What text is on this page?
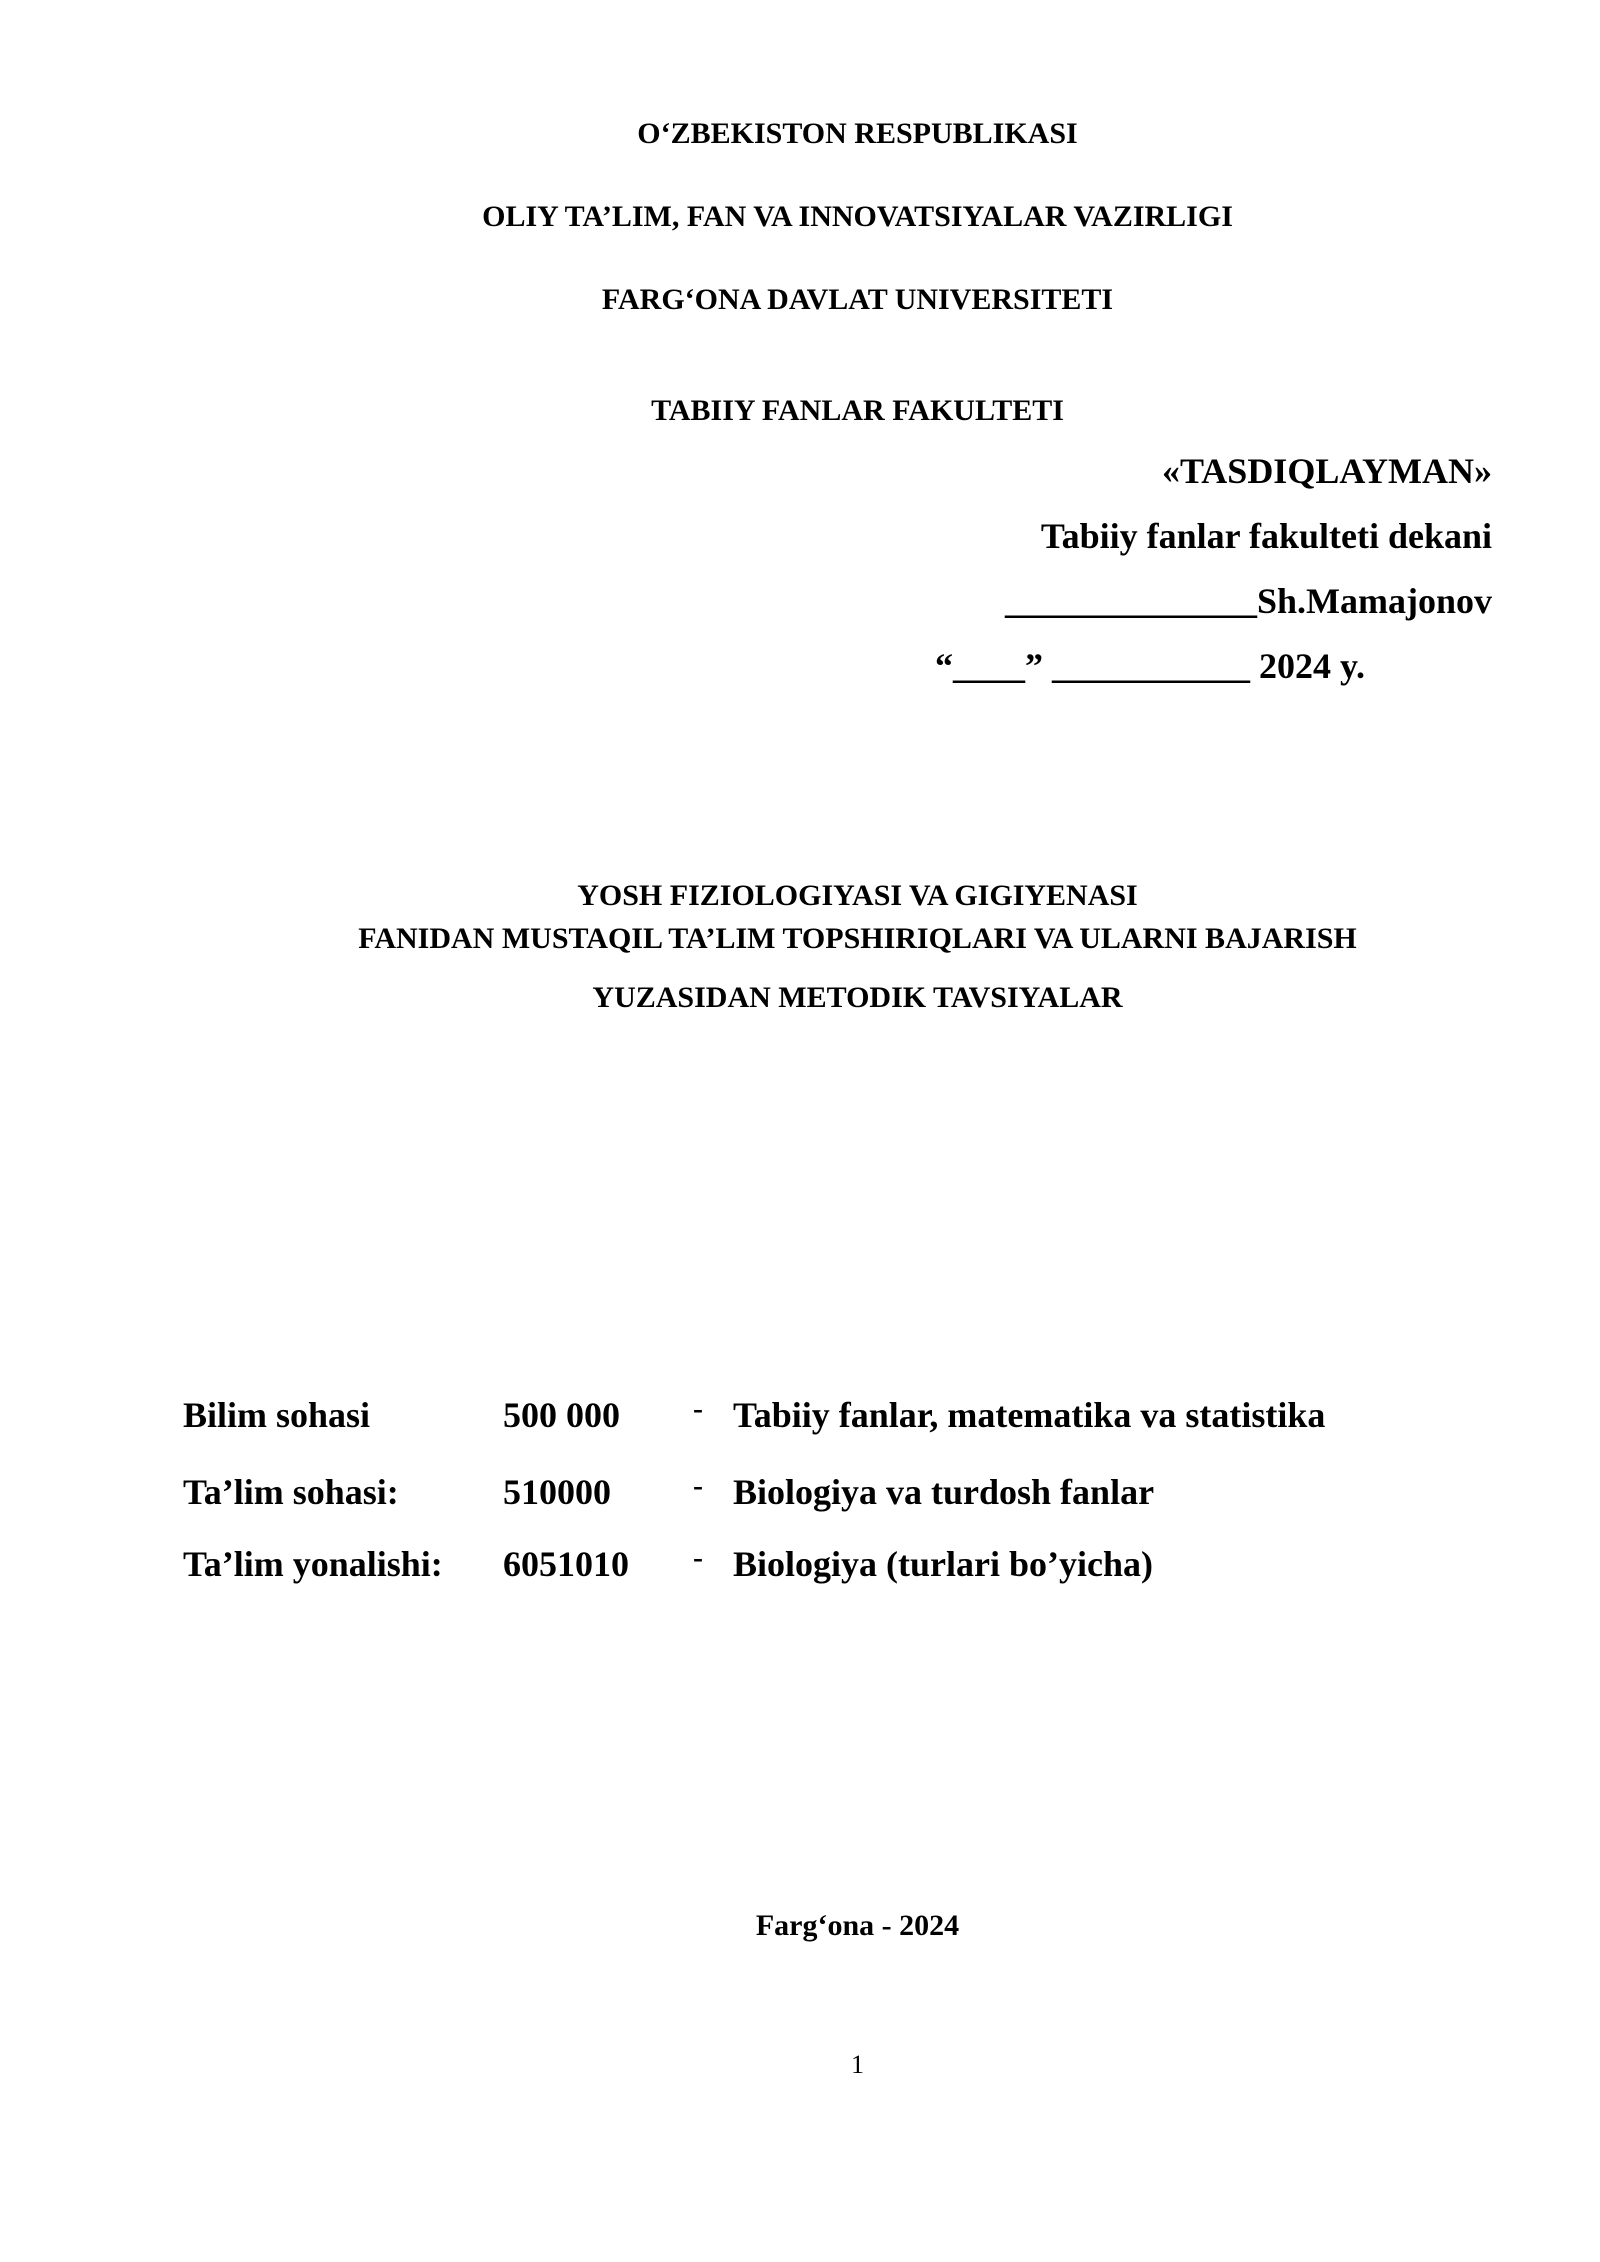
O‘ZBEKISTON RESPUBLIKASI
OLIY TA’LIM, FAN VA INNOVATSIYALAR VAZIRLIGI
FARG‘ONA DAVLAT UNIVERSITETI
TABIIY FANLAR FAKULTETI
«TASDIQLAYMAN»
Tabiiy fanlar fakulteti dekani
______________Sh.Mamajonov
“____” ___________ 2024 y.
YOSH FIZIOLOGIYASI VA GIGIYENASI
FANIDAN MUSTAQIL TA’LIM TOPSHIRIQLARI VA ULARNI BAJARISH
YUZASIDAN METODIK TAVSIYALAR
Bilim sohasi	500 000 - Tabiiy fanlar, matematika va statistika
Ta’lim sohasi:	510000	- Biologiya va turdosh fanlar
Ta’lim yonalishi: 6051010 - Biologiya (turlari bo’yicha)
Farg‘ona - 2024
1
